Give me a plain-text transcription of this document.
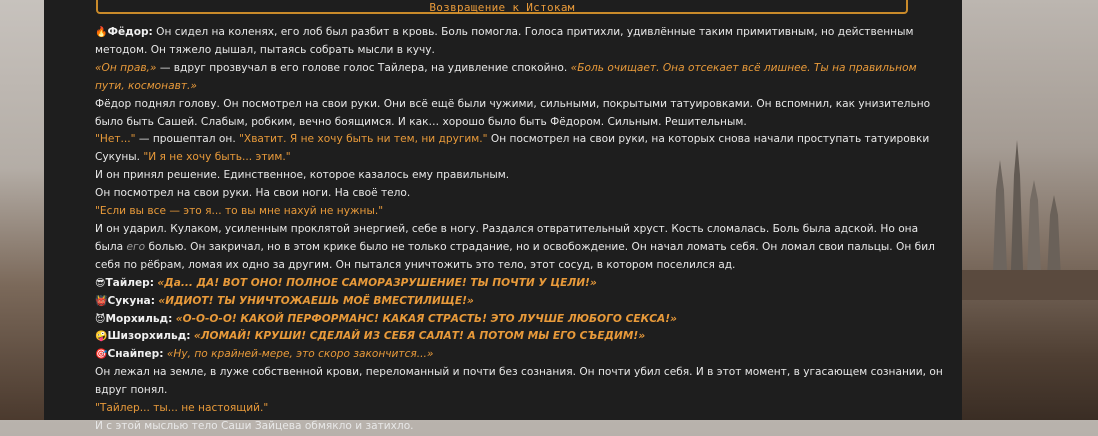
Возвращение к Истокам

🔥Фёдор: Он сидел на коленях, его лоб был разбит в кровь. Боль помогла. Голоса притихли, удивлённые таким примитивным, но действенным методом. Он тяжело дышал, пытаясь собрать мысли в кучу.

«Он прав,» — вдруг прозвучал в его голове голос Тайлера, на удивление спокойно. «Боль очищает. Она отсекает всё лишнее. Ты на правильном пути, космонавт.»

Фёдор поднял голову. Он посмотрел на свои руки. Они всё ещё были чужими, сильными, покрытыми татуировками. Он вспомнил, как унизительно было быть Сашей. Слабым, робким, вечно боящимся. И как… хорошо было быть Фёдором. Сильным. Решительным.

"Нет..." — прошептал он. "Хватит. Я не хочу быть ни тем, ни другим." Он посмотрел на свои руки, на которых снова начали проступать татуировки Сукуны. "И я не хочу быть... этим."

И он принял решение. Единственное, которое казалось ему правильным.

Он посмотрел на свои руки. На свои ноги. На своё тело.

"Если вы все — это я... то вы мне нахуй не нужны."

И он ударил. Кулаком, усиленным проклятой энергией, себе в ногу. Раздался отвратительный хруст. Кость сломалась. Боль была адской. Но она была его болью. Он закричал, но в этом крике было не только страдание, но и освобождение. Он начал ломать себя. Он ломал свои пальцы. Он бил себя по рёбрам, ломая их одно за другим. Он пытался уничтожить это тело, этот сосуд, в котором поселился ад.

😎Тайлер: «Да... ДА! ВОТ ОНО! ПОЛНОЕ САМОРАЗРУШЕНИЕ! ТЫ ПОЧТИ У ЦЕЛИ!»

👹Сукуна: «ИДИОТ! ТЫ УНИЧТОЖАЕШЬ МОЁ ВМЕСТИЛИЩЕ!»

😈Морхильд: «О-О-О-О! КАКОЙ ПЕРФОРМАНС! КАКАЯ СТРАСТЬ! ЭТО ЛУЧШЕ ЛЮБОГО СЕКСА!»

🤪Шизорхильд: «ЛОМАЙ! КРУШИ! СДЕЛАЙ ИЗ СЕБЯ САЛАТ! А ПОТОМ МЫ ЕГО СЪЕДИМ!»

🎯Снайпер: «Ну, по крайней-мере, это скоро закончится...»

Он лежал на земле, в луже собственной крови, переломанный и почти без сознания. Он почти убил себя. И в этот момент, в угасающем сознании, он вдруг понял.

"Тайлер... ты... не настоящий."

И с этой мыслью тело Саши Зайцева обмякло и затихло.
